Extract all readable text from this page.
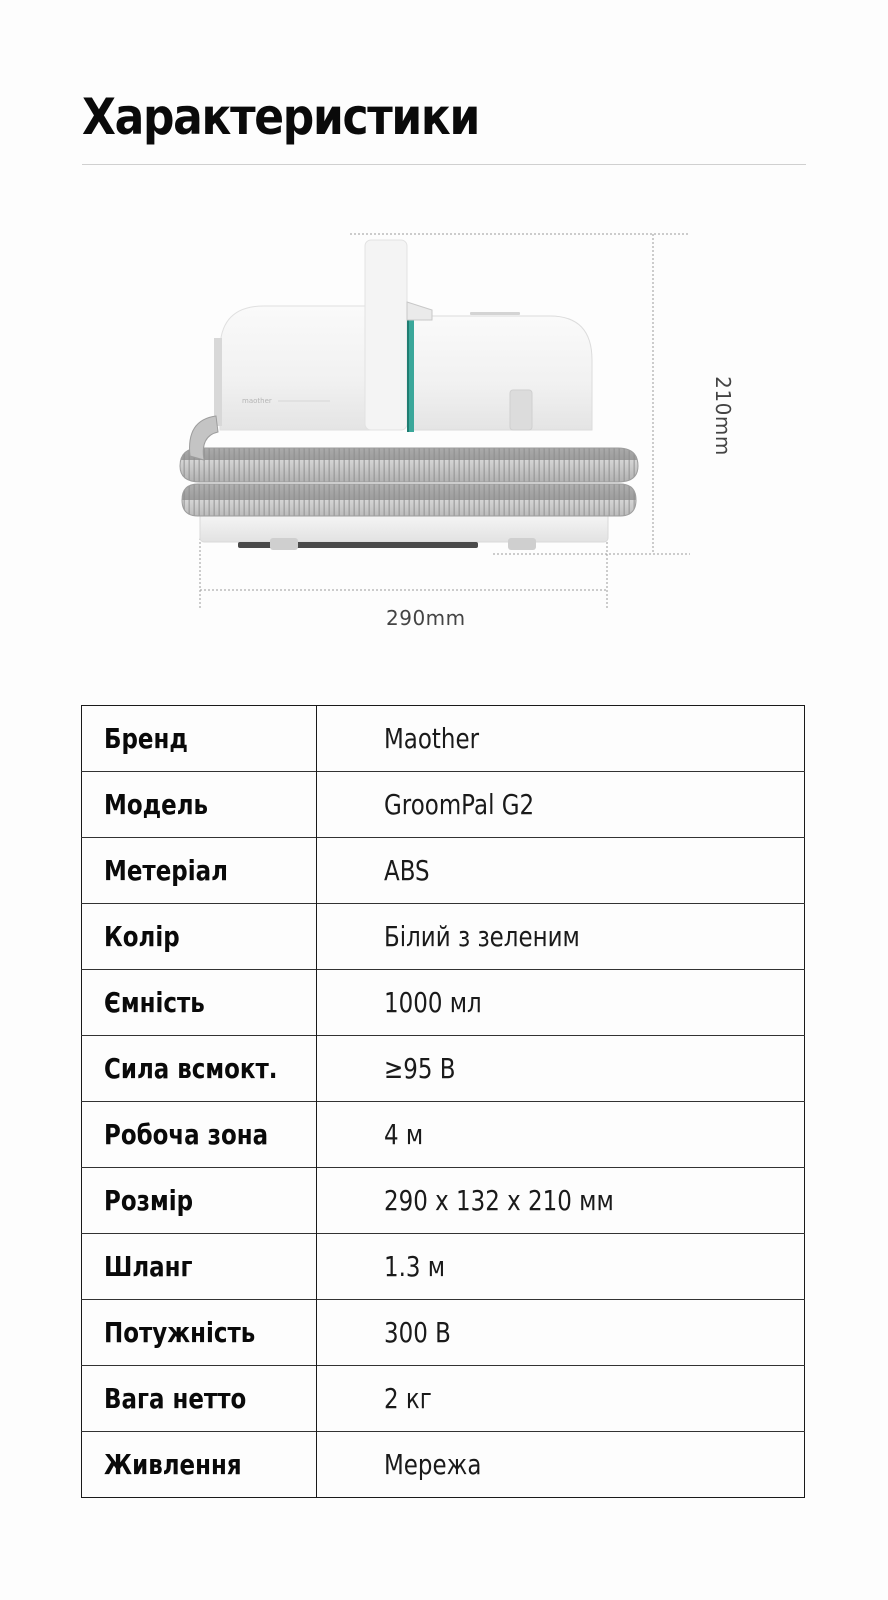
Характеристики
maother
290mm
210mm
Бренд	Maother
Модель	GroomPal G2
Метеріал	ABS
Колір	Білий з зеленим
Ємність	1000 мл
Сила всмокт.	≥95 В
Робоча зона	4 м
Розмір	290 x 132 x 210 мм
Шланг	1.3 м
Потужність	300 В
Вага нетто	2 кг
Живлення	Мережа
